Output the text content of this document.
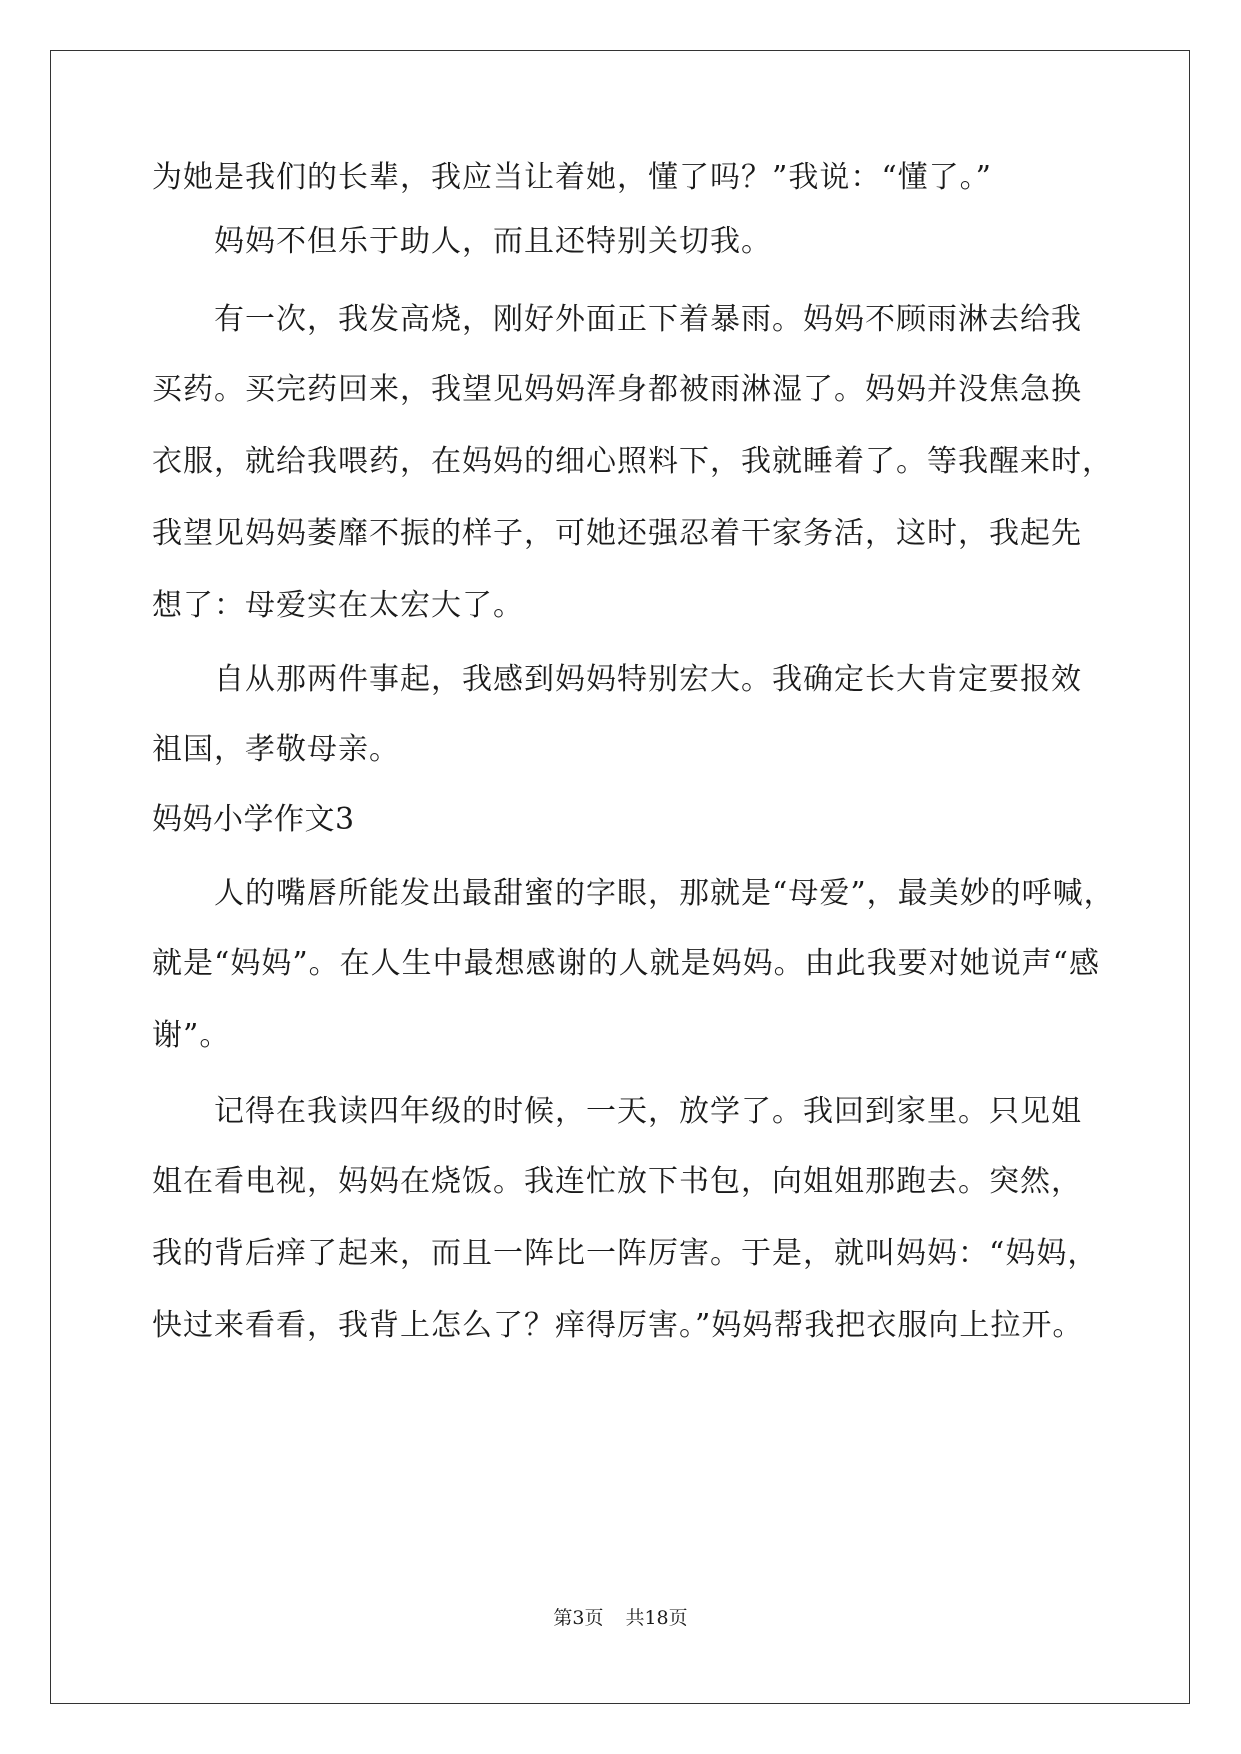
为她是我们的长辈，我应当让着她，懂了吗？”我说：“懂了。”
妈妈不但乐于助人，而且还特别关切我。
有一次，我发高烧，刚好外面正下着暴雨。妈妈不顾雨淋去给我
买药。买完药回来，我望见妈妈浑身都被雨淋湿了。妈妈并没焦急换
衣服，就给我喂药，在妈妈的细心照料下，我就睡着了。等我醒来时，
我望见妈妈萎靡不振的样子，可她还强忍着干家务活，这时，我起先
想了：母爱实在太宏大了。
自从那两件事起，我感到妈妈特别宏大。我确定长大肯定要报效
祖国，孝敬母亲。
妈妈小学作文3
人的嘴唇所能发出最甜蜜的字眼，那就是“母爱”，最美妙的呼喊，
就是“妈妈”。在人生中最想感谢的人就是妈妈。由此我要对她说声“感
谢”。
记得在我读四年级的时候，一天，放学了。我回到家里。只见姐
姐在看电视，妈妈在烧饭。我连忙放下书包，向姐姐那跑去。突然，
我的背后痒了起来，而且一阵比一阵厉害。于是，就叫妈妈：“妈妈，
快过来看看，我背上怎么了？痒得厉害。”妈妈帮我把衣服向上拉开。
第3页 共18页
